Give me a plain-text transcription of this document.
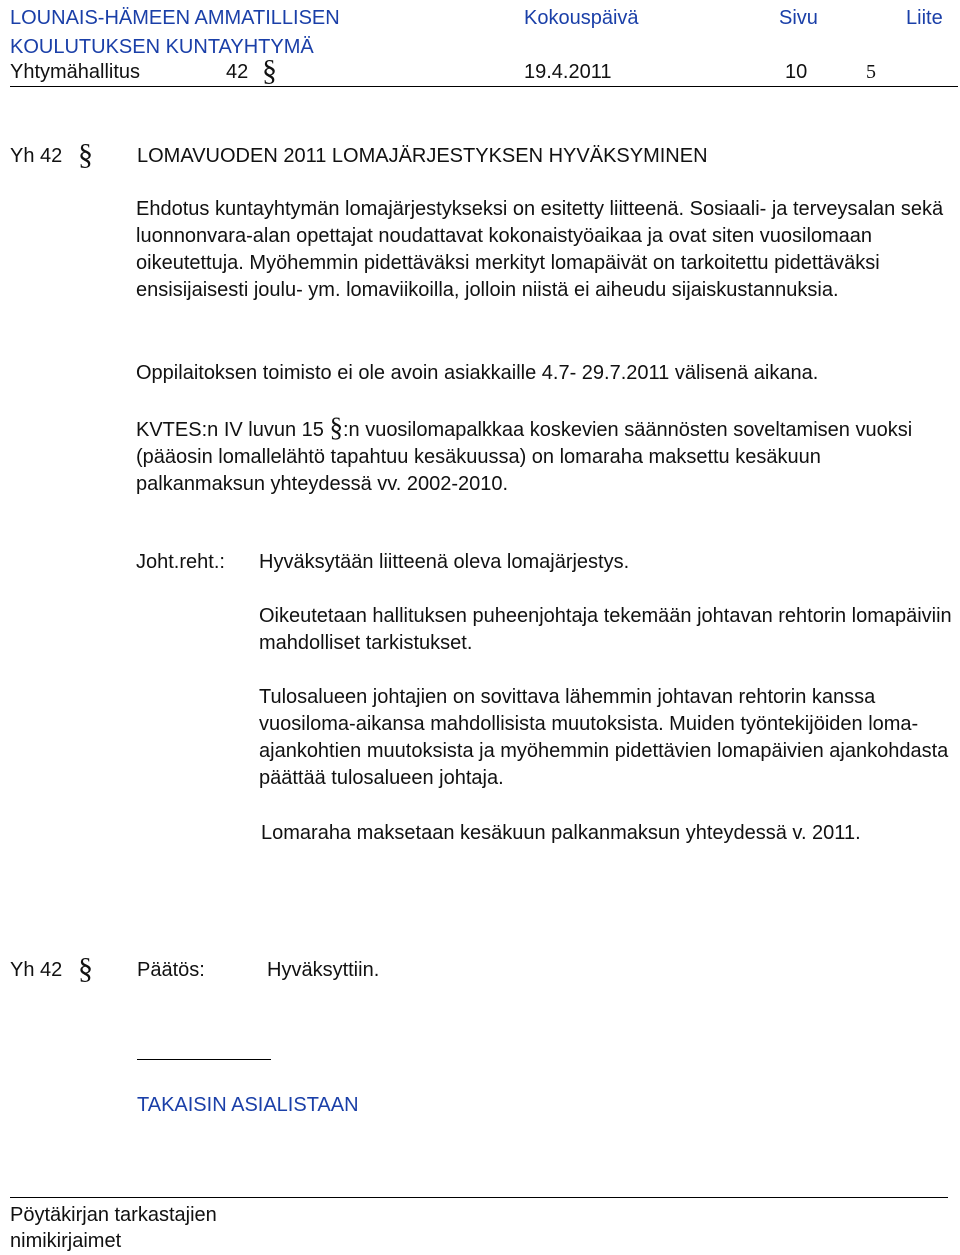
LOUNAIS-HÄMEEN AMMATILLISEN
KOULUTUKSEN KUNTAYHTYMÄ
Kokouspäivä	Sivu	Liite
Yhtymähallitus	42 §	19.4.2011	10	5
Yh 42 § LOMAVUODEN 2011 LOMAJÄRJESTYKSEN HYVÄKSYMINEN
Ehdotus kuntayhtymän lomajärjestykseksi on esitetty liitteenä. Sosiaali- ja terveysalan sekä luonnonvara-alan opettajat noudattavat kokonaistyöaikaa ja ovat siten vuosilomaan oikeutettuja. Myöhemmin pidettäväksi merkityt lomapäivät on tarkoitettu pidettäväksi ensisijaisesti joulu- ym. lomaviikoilla, jolloin niistä ei aiheudu sijaiskustannuksia.
Oppilaitoksen toimisto ei ole avoin asiakkaille 4.7- 29.7.2011 välisenä aikana.
KVTES:n IV luvun 15 §:n vuosilomapalkkaa koskevien säännösten soveltamisen vuoksi (pääosin lomallelähtö tapahtuu kesäkuussa) on lomaraha maksettu kesäkuun palkanmaksun yhteydessä vv. 2002-2010.
Joht.reht.: Hyväksytään liitteenä oleva lomajärjestys.
Oikeutetaan hallituksen puheenjohtaja tekemään johtavan rehtorin lomapäiviin mahdolliset tarkistukset.
Tulosalueen johtajien on sovittava lähemmin johtavan rehtorin kanssa vuosiloma-aikansa mahdollisista muutoksista. Muiden työntekijöiden loma-ajankohtien muutoksista ja myöhemmin pidettävien lomapäivien ajankohdasta päättää tulosalueen johtaja.
Lomaraha maksetaan kesäkuun palkanmaksun yhteydessä v. 2011.
Yh 42 § Päätös:	Hyväksyttiin.
TAKAISIN ASIALISTAAN
Pöytäkirjan tarkastajien
nimikirjaimet
